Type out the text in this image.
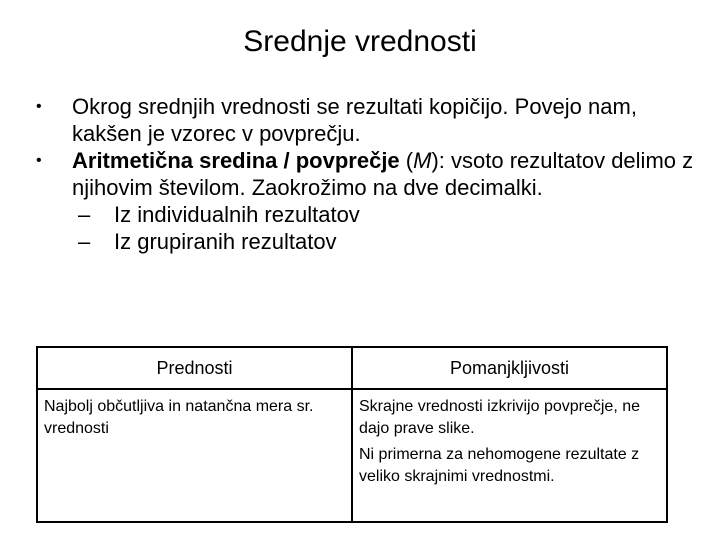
Srednje vrednosti
•	Okrog srednjih vrednosti se rezultati kopičijo. Povejo nam, kakšen je vzorec v povprečju.
•	Aritmetična sredina / povprečje (M): vsoto rezultatov delimo z njihovim številom. Zaokrožimo na dve decimalki.
– Iz individualnih rezultatov
– Iz grupiranih rezultatov
Prednosti	Pomanjkljivosti

Najbolj občutljiva in natančna mera sr. vrednosti	Skrajne vrednosti izkrivijo povprečje, ne dajo prave slike.

Ni primerna za nehomogene rezultate z veliko skrajnimi vrednostmi.
